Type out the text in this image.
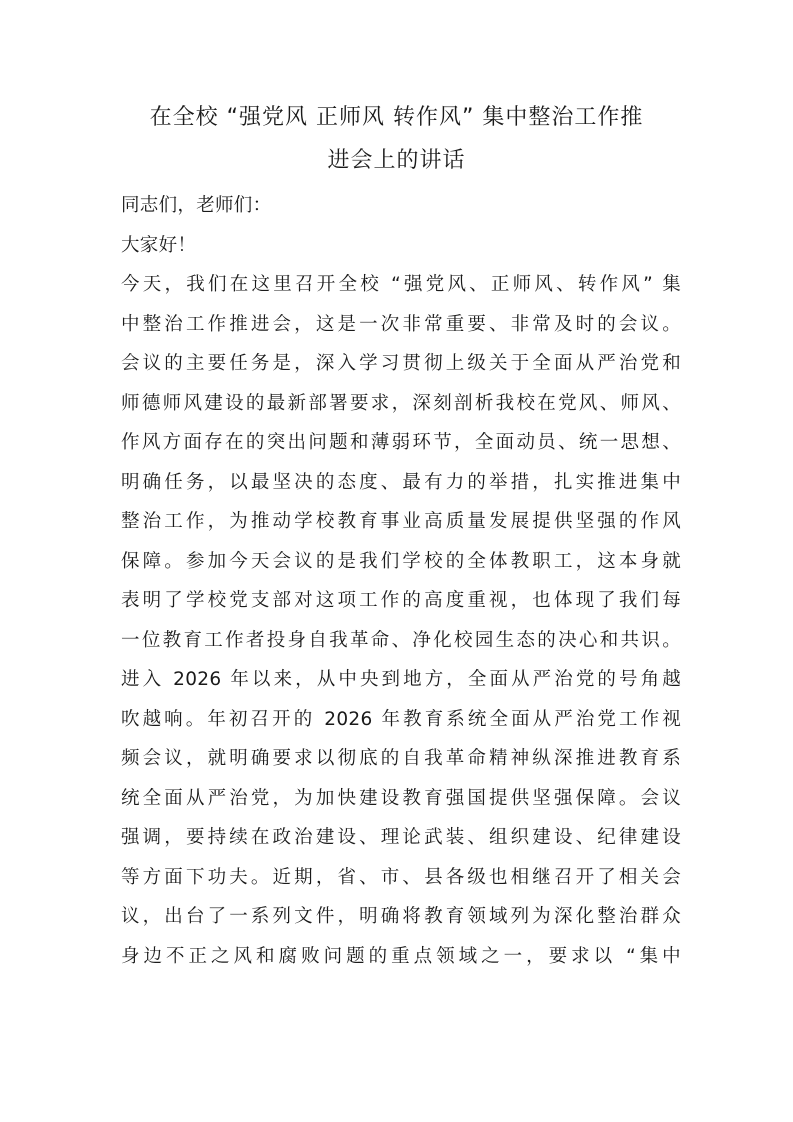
在全校 “强党风 正师风 转作风” 集中整治工作推
进会上的讲话

同志们，老师们：

大家好！

今天，我们在这里召开全校 “强党风、正师风、转作风” 集

中整治工作推进会，这是一次非常重要、非常及时的会议。

会议的主要任务是，深入学习贯彻上级关于全面从严治党和

师德师风建设的最新部署要求，深刻剖析我校在党风、师风、

作风方面存在的突出问题和薄弱环节，全面动员、统一思想、

明确任务，以最坚决的态度、最有力的举措，扎实推进集中

整治工作，为推动学校教育事业高质量发展提供坚强的作风

保障。参加今天会议的是我们学校的全体教职工，这本身就

表明了学校党支部对这项工作的高度重视，也体现了我们每

一位教育工作者投身自我革命、净化校园生态的决心和共识。

进入 2026 年以来，从中央到地方，全面从严治党的号角越

吹越响。年初召开的 2026 年教育系统全面从严治党工作视

频会议，就明确要求以彻底的自我革命精神纵深推进教育系

统全面从严治党，为加快建设教育强国提供坚强保障。会议

强调，要持续在政治建设、理论武装、组织建设、纪律建设

等方面下功夫。近期，省、市、县各级也相继召开了相关会

议，出台了一系列文件，明确将教育领域列为深化整治群众

身边不正之风和腐败问题的重点领域之一，要求以 “集中
